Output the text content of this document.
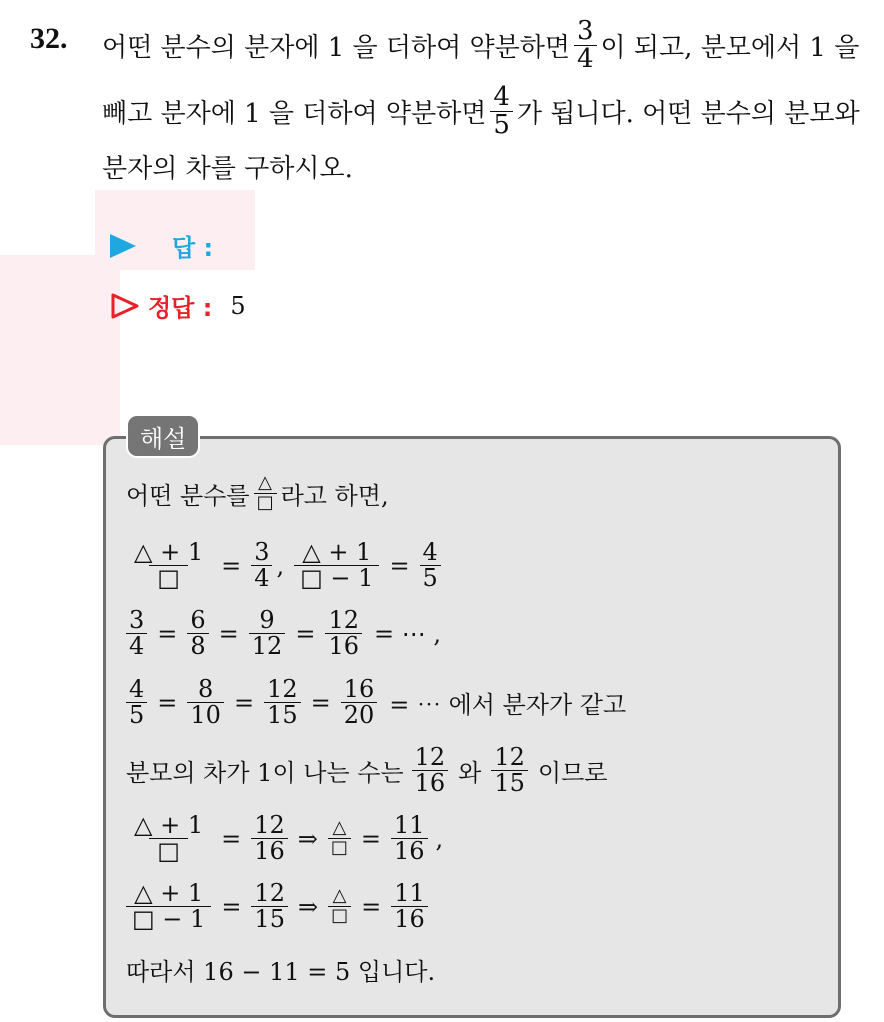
32. 어떤 분수의 분자에 1 을 더하여 약분하면 $\frac{3}{4}$ 이 되고, 분모에서 1 을
빼고 분자에 1 을 더하여 약분하면 $\frac{4}{5}$ 가 됩니다. 어떤 분수의 분모와
분자의 차를 구하시오.
답 :
정답 : 5
해설
어떤 분수를 $\frac{\triangle}{□}$ 라고 하면,
$\frac{\triangle + 1}{□} = \frac{3}{4}$ , $\frac{\triangle + 1}{□ - 1} = \frac{4}{5}$
$\frac{3}{4} = \frac{6}{8} = \frac{9}{12} = \frac{12}{16}$ = ⋯ ,
$\frac{4}{5} = \frac{8}{10} = \frac{12}{15} = \frac{16}{20}$ = ⋯ 에서 분자가 같고
분모의 차가 1이 나는 수는 $\frac{12}{16}$ 와 $\frac{12}{15}$ 이므로
$\frac{\triangle + 1}{□} = \frac{12}{16}$ ⇒ $\frac{\triangle}{□} = \frac{11}{16}$ ,
$\frac{\triangle + 1}{□ - 1} = \frac{12}{15}$ ⇒ $\frac{\triangle}{□} = \frac{11}{16}$
따라서 16 − 11 = 5 입니다.
